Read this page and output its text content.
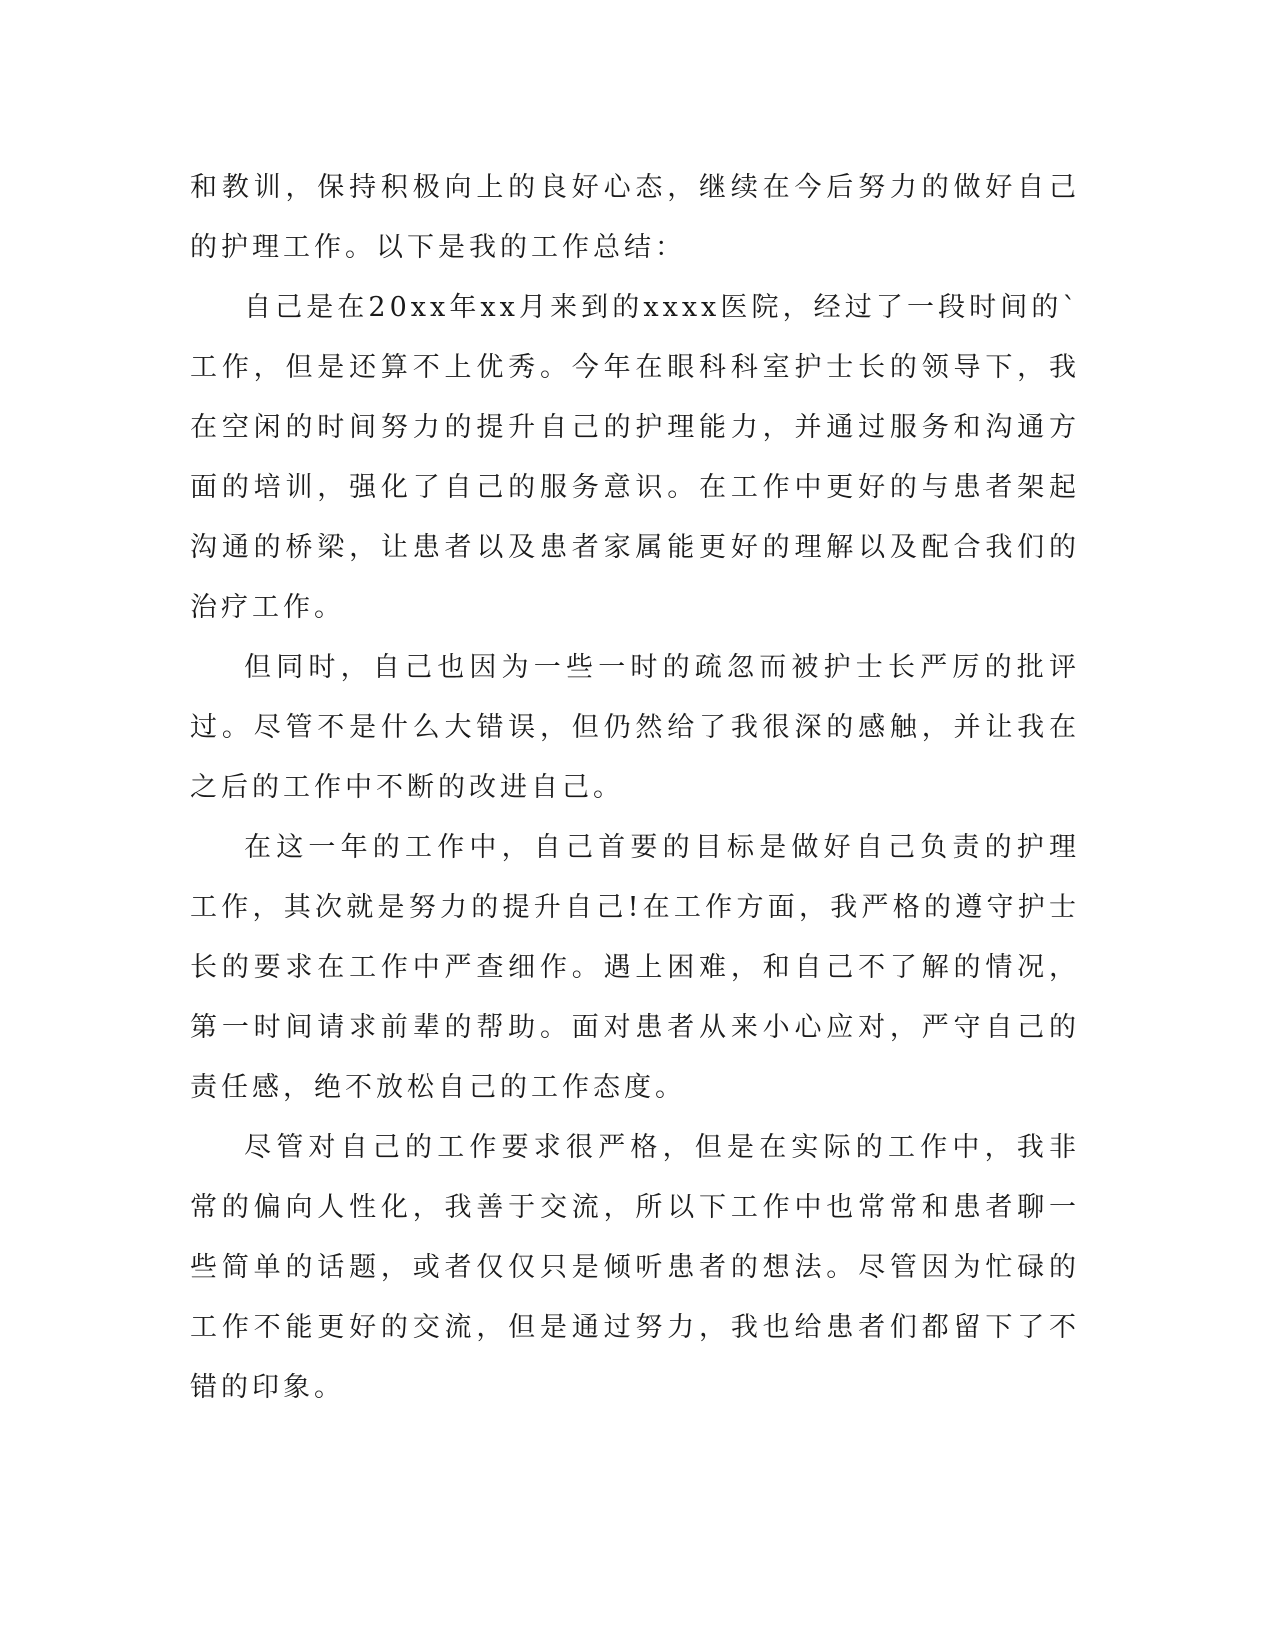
和教训，保持积极向上的良好心态，继续在今后努力的做好自己的护理工作。以下是我的工作总结：

自己是在20xx年xx月来到的xxxx医院，经过了一段时间的`工作，但是还算不上优秀。今年在眼科科室护士长的领导下，我在空闲的时间努力的提升自己的护理能力，并通过服务和沟通方面的培训，强化了自己的服务意识。在工作中更好的与患者架起沟通的桥梁，让患者以及患者家属能更好的理解以及配合我们的治疗工作。

但同时，自己也因为一些一时的疏忽而被护士长严厉的批评过。尽管不是什么大错误，但仍然给了我很深的感触，并让我在之后的工作中不断的改进自己。

在这一年的工作中，自己首要的目标是做好自己负责的护理工作，其次就是努力的提升自己!在工作方面，我严格的遵守护士长的要求在工作中严查细作。遇上困难，和自己不了解的情况，第一时间请求前辈的帮助。面对患者从来小心应对，严守自己的责任感，绝不放松自己的工作态度。

尽管对自己的工作要求很严格，但是在实际的工作中，我非常的偏向人性化，我善于交流，所以下工作中也常常和患者聊一些简单的话题，或者仅仅只是倾听患者的想法。尽管因为忙碌的工作不能更好的交流，但是通过努力，我也给患者们都留下了不错的印象。
